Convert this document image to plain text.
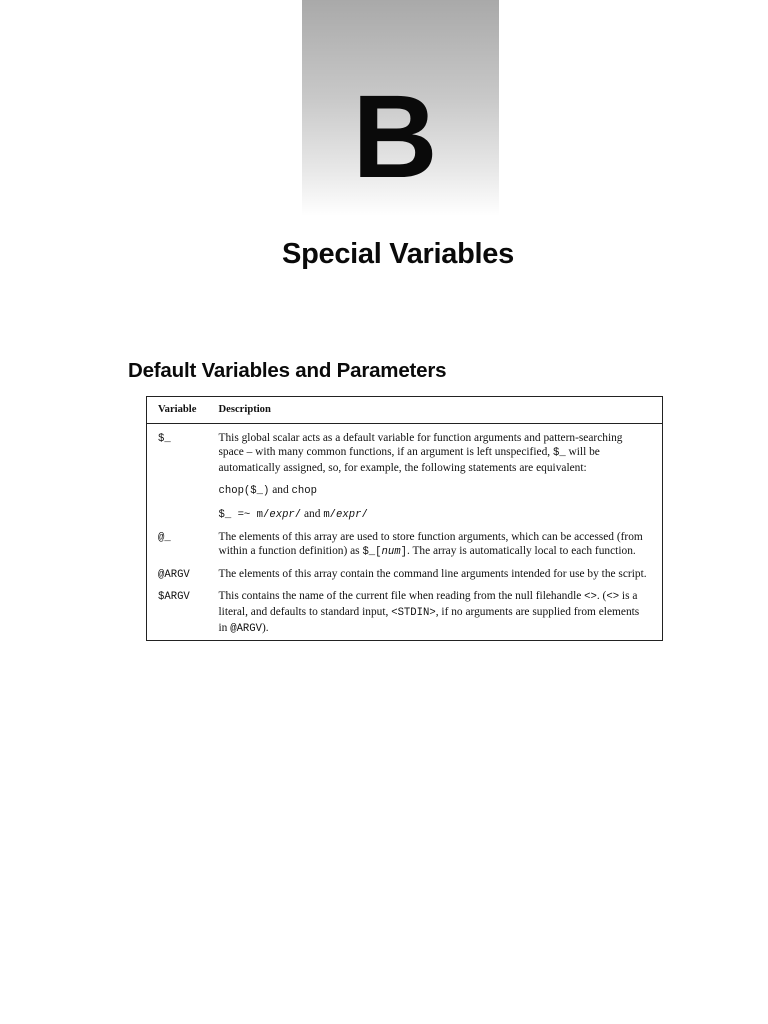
B
Special Variables
Default Variables and Parameters
Variable	Description
$_	This global scalar acts as a default variable for function arguments and pattern-searching space – with many common functions, if an argument is left unspecified, $_ will be automatically assigned, so, for example, the following statements are equivalent:

chop($_) and chop

$_ =~ m/expr/ and m/expr/

@_	The elements of this array are used to store function arguments, which can be accessed (from within a function definition) as $_[num]. The array is automatically local to each function.

@ARGV	The elements of this array contain the command line arguments intended for use by the script.

$ARGV	This contains the name of the current file when reading from the null filehandle <>. (<> is a literal, and defaults to standard input, <STDIN>, if no arguments are supplied from elements in @ARGV).
